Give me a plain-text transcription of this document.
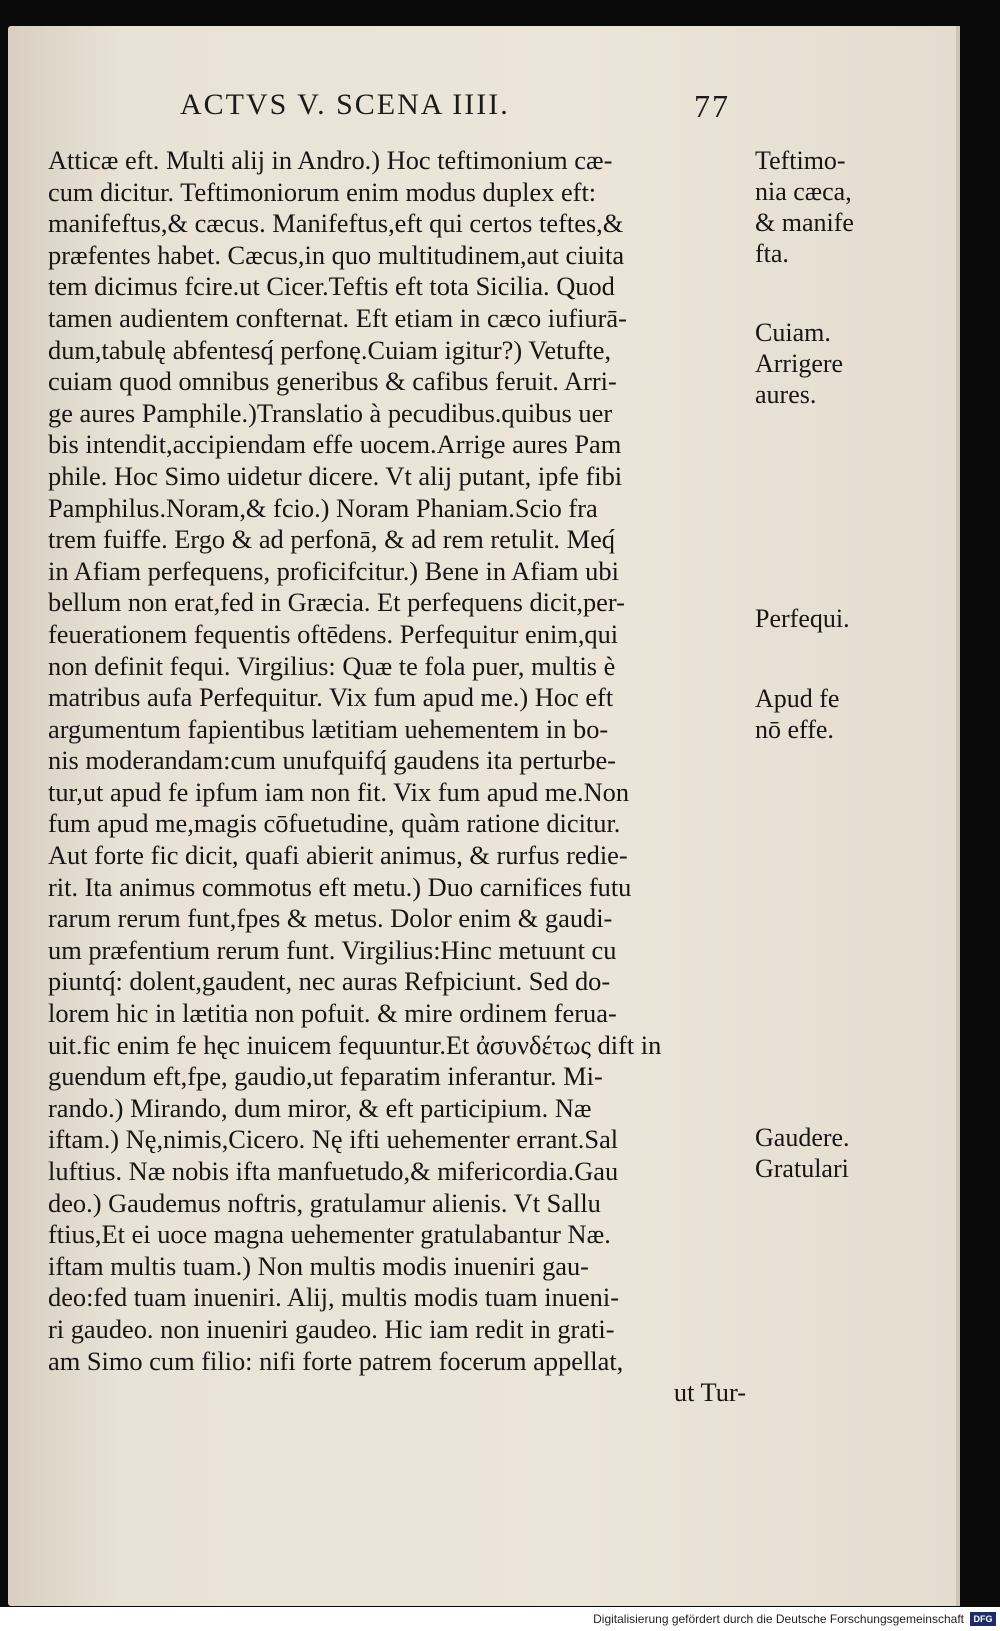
ACTVS V. SCENA IIII.	77
Atticæ eft. Multi alij in Andro.) Hoc teftimonium cæ-
cum dicitur. Teftimoniorum enim modus duplex eft:
manifeftus,& cæcus. Manifeftus,eft qui certos teftes,&
præfentes habet. Cæcus,in quo multitudinem,aut ciuita
tem dicimus fcire.ut Cicer.Teftis eft tota Sicilia. Quod
tamen audientem confternat. Eft etiam in cæco iufiurā-
dum,tabulę abfentesq́ perfonę.Cuiam igitur?) Vetufte,
cuiam quod omnibus generibus & cafibus feruit. Arri-
ge aures Pamphile.)Translatio à pecudibus.quibus uer
bis intendit,accipiendam effe uocem.Arrige aures Pam
phile. Hoc Simo uidetur dicere. Vt alij putant, ipfe fibi
Pamphilus.Noram,& fcio.) Noram Phaniam.Scio fra
trem fuiffe. Ergo & ad perfonā, & ad rem retulit. Meq́
in Afiam perfequens, proficifcitur.) Bene in Afiam ubi
bellum non erat,fed in Græcia. Et perfequens dicit,per-
feuerationem fequentis oftēdens. Perfequitur enim,qui
non definit fequi. Virgilius: Quæ te fola puer, multis è
matribus aufa Perfequitur. Vix fum apud me.) Hoc eft
argumentum fapientibus lætitiam uehementem in bo-
nis moderandam:cum unufquifq́ gaudens ita perturbe-
tur,ut apud fe ipfum iam non fit. Vix fum apud me.Non
fum apud me,magis cōfuetudine, quàm ratione dicitur.
Aut forte fic dicit, quafi abierit animus, & rurfus redie-
rit. Ita animus commotus eft metu.) Duo carnifices futu
rarum rerum funt,fpes & metus. Dolor enim & gaudi-
um præfentium rerum funt. Virgilius:Hinc metuunt cu
piuntq́: dolent,gaudent, nec auras Refpiciunt. Sed do-
lorem hic in lætitia non pofuit. & mire ordinem ferua-
uit.fic enim fe hęc inuicem fequuntur.Et ἀσυνδέτως dift in
guendum eft,fpe, gaudio,ut feparatim inferantur. Mi-
rando.) Mirando, dum miror, & eft participium. Næ
iftam.) Nę,nimis,Cicero. Nę ifti uehementer errant.Sal
luftius. Næ nobis ifta manfuetudo,& mifericordia.Gau
deo.) Gaudemus noftris, gratulamur alienis. Vt Sallu
ftius,Et ei uoce magna uehementer gratulabantur Næ.
iftam multis tuam.) Non multis modis inueniri gau-
deo:fed tuam inueniri. Alij, multis modis tuam inueni-
ri gaudeo. non inueniri gaudeo. Hic iam redit in grati-
am Simo cum filio: nifi forte patrem focerum appellat,
ut Tur-
Teftimo-
nia cæca,
& manife
fta.
Cuiam.
Arrigere
aures.
Perfequi.
Apud fe
nō effe.
Gaudere.
Gratulari
Digitalisierung gefördert durch die Deutsche Forschungsgemeinschaft	DFG
